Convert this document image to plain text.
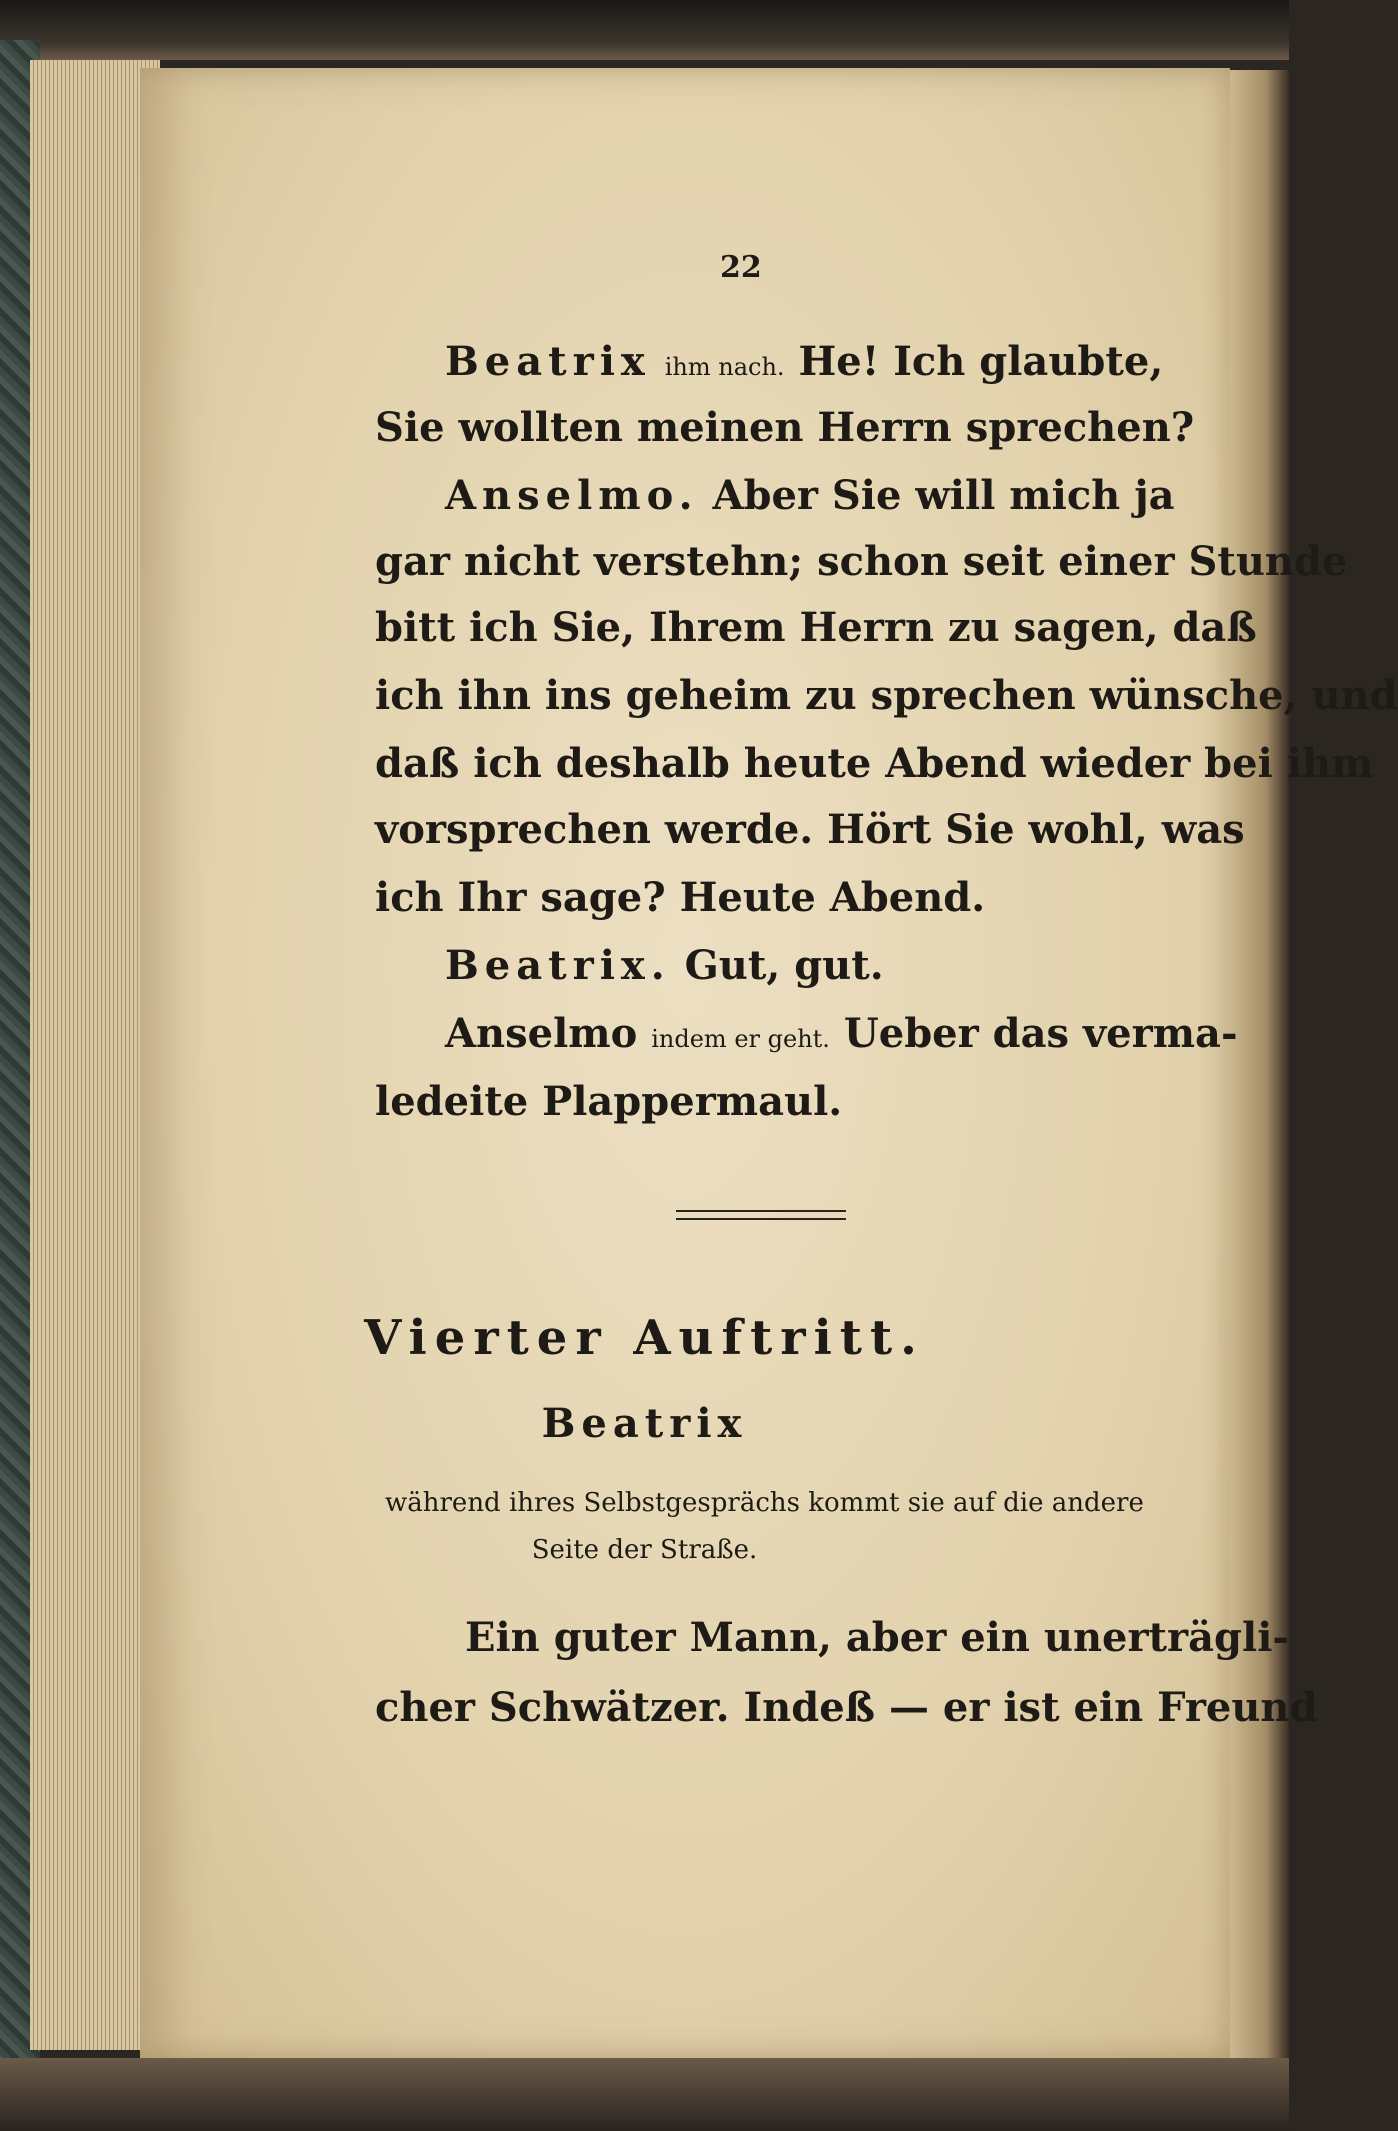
22
Beatrix ihm nach. He! Ich glaubte,
Sie wollten meinen Herrn sprechen?
Anselmo. Aber Sie will mich ja
gar nicht verstehn; schon seit einer Stunde
bitt ich Sie, Ihrem Herrn zu sagen, daß
ich ihn ins geheim zu sprechen wünsche, und
daß ich deshalb heute Abend wieder bei ihm
vorsprechen werde. Hört Sie wohl, was
ich Ihr sage? Heute Abend.
Beatrix. Gut, gut.
Anselmo indem er geht. Ueber das verma-
ledeite Plappermaul.
Vierter Auftritt.
Beatrix
während ihres Selbstgesprächs kommt sie auf die andere
Seite der Straße.
Ein guter Mann, aber ein unerträgli-
cher Schwätzer. Indeß — er ist ein Freund
